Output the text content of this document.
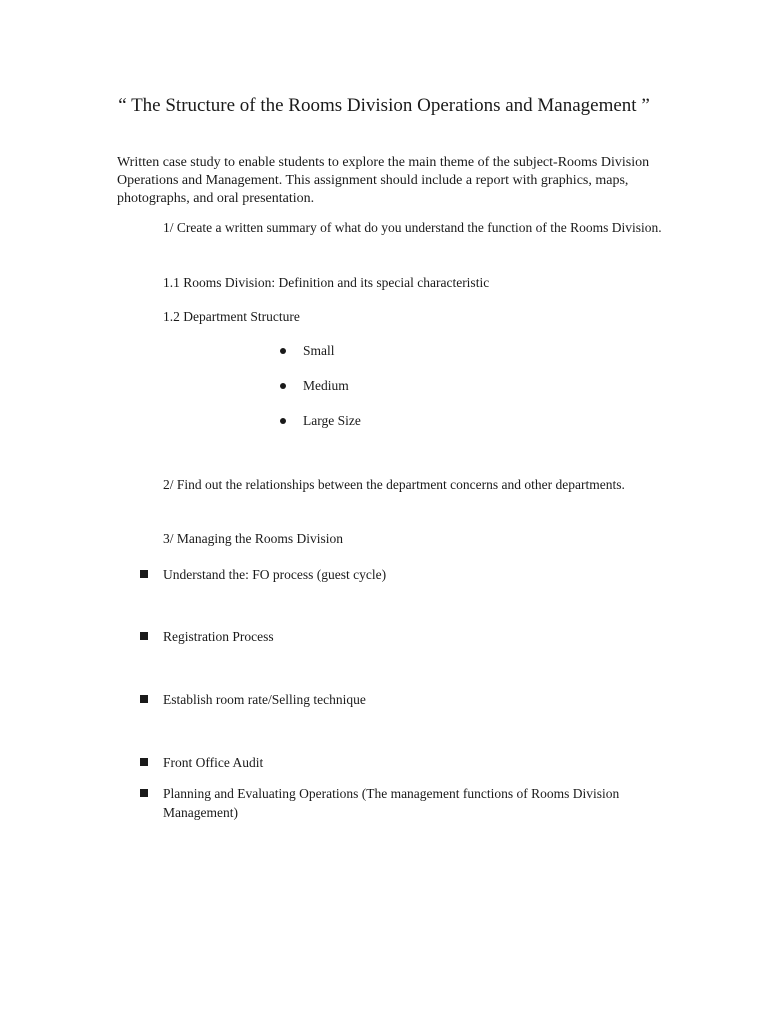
“ The Structure of the Rooms Division Operations and Management ”

Written case study to enable students to explore the main theme of the subject-Rooms Division Operations and Management. This assignment should include a report with graphics, maps, photographs, and oral presentation.

1/ Create a written summary of what do you understand the function of the Rooms Division.

1.1 Rooms Division: Definition and its special characteristic

1.2 Department Structure

Small
Medium
Large Size

2/ Find out the relationships between the department concerns and other departments.

3/ Managing the Rooms Division

Understand the: FO process (guest cycle)
Registration Process
Establish room rate/Selling technique
Front Office Audit
Planning and Evaluating Operations (The management functions of Rooms Division Management)
